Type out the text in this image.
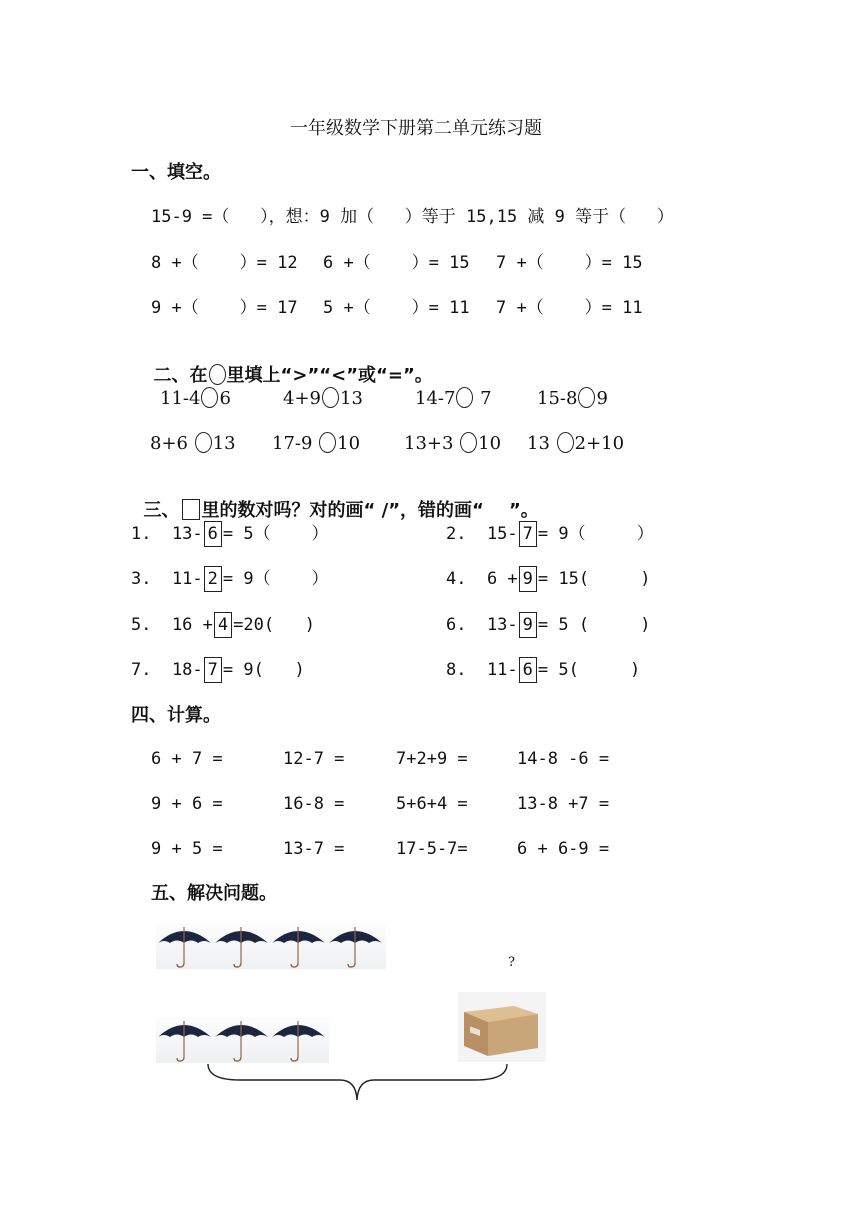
一年级数学下册第二单元练习题
一、填空。
15-9 =（   ），想：9 加（   ）等于 15,15 减 9 等于（   ）
8 +（    ）= 12 6 +（    ）= 15 7 +（    ）= 15
9 +（    ）= 17 5 +（    ）= 11 7 +（    ）= 11

二、在 里填上“>”“<”或“=”。

11-4 6	4+9 13	14-7 7	15-8 9
8+6 13 17-9 10 13+3 10 13 2+10

三、 里的数对吗？对的画“ /”，错的画“    ”。

1.  13- 6 = 5（    ）	2.  15- 7 = 9（     ）
3.  11- 2 = 9（    ）	4.  6 + 9 = 15(     )
5.  16 + 4 =20(   )	6.  13- 9 = 5 (     )
7.  18- 7 = 9(   )	8.  11- 6 = 5(     )
四、计算。
6 + 7 =	12-7 =	7+2+9 =	14-8 -6 =
9 + 6 =	16-8 =	5+6+4 =	13-8 +7 =
9 + 5 =	13-7 =	17-5-7=	6 + 6-9 =
五、解决问题。
?
